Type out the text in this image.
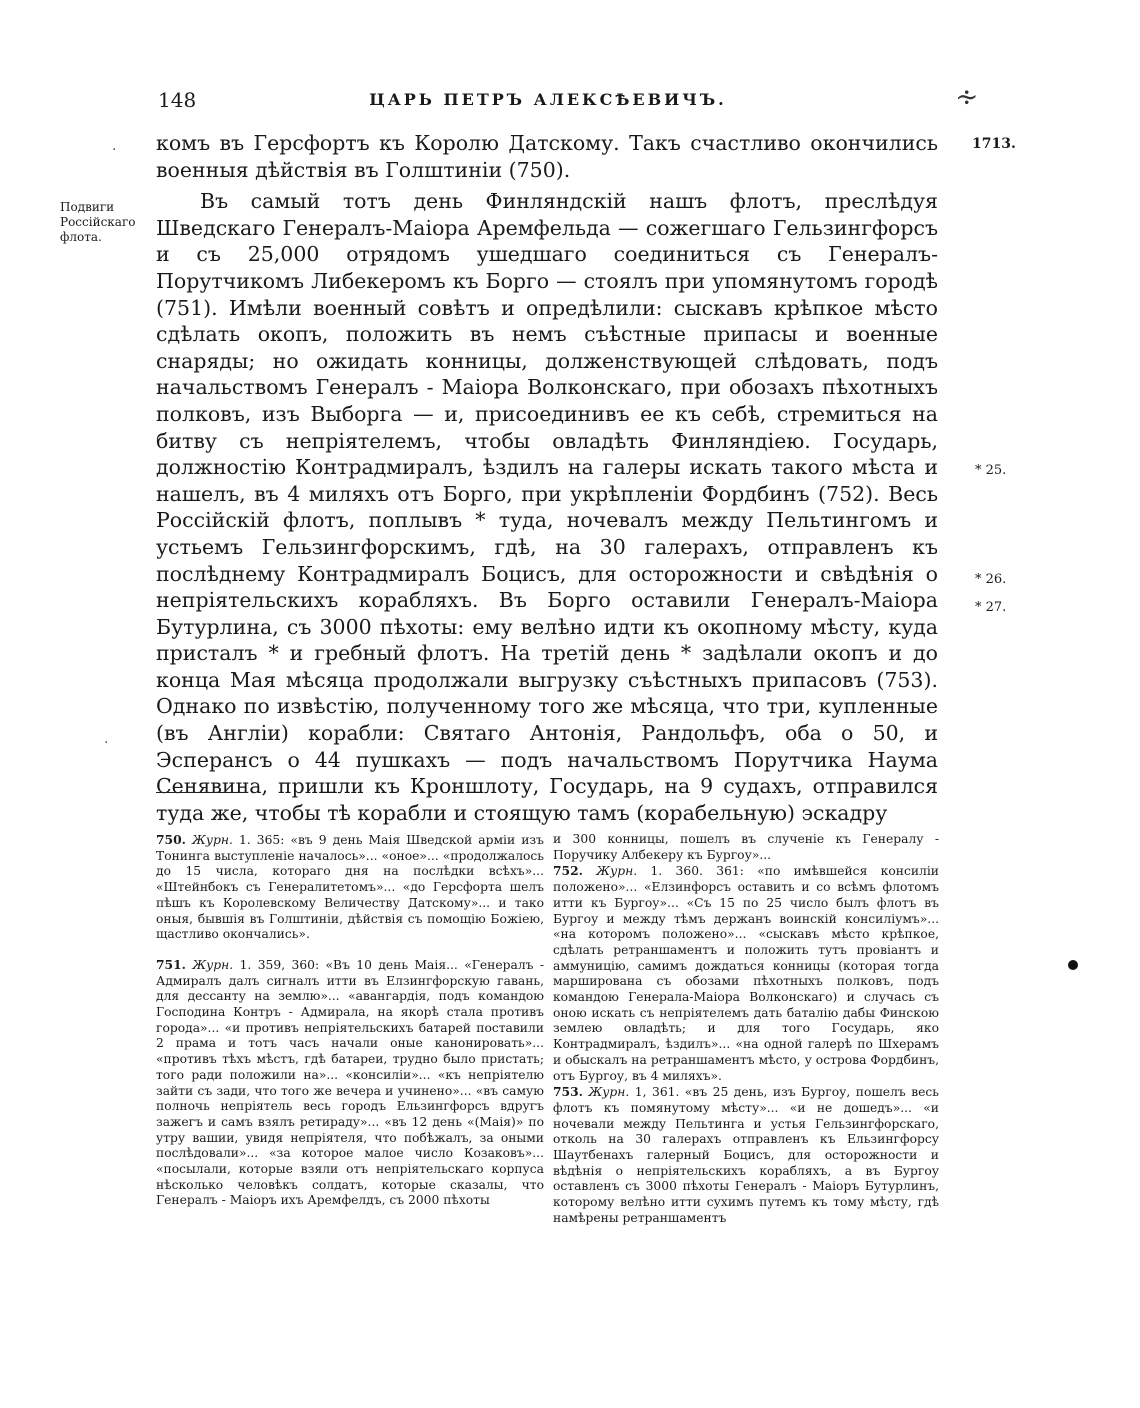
148	ЦАРЬ ПЕТРЪ АЛЕКСѢЕВИЧЪ.	∻
1713.
Подвиги Россійскаго флота.
* 25.
* 26.
* 27.

комъ въ Герсфортъ къ Королю Датскому. Такъ счастливо окончились военныя дѣйствія въ Голштиніи (750).

Въ самый тотъ день Финляндскій нашъ флотъ, преслѣдуя Шведскаго Генералъ-Маіора Аремфельда — сожегшаго Гельзингфорсъ и съ 25,000 отрядомъ ушедшаго соединиться съ Генералъ-Порутчикомъ Либекеромъ къ Борго — стоялъ при упомянутомъ городѣ (751). Имѣли военный совѣтъ и опредѣлили: сыскавъ крѣпкое мѣсто сдѣлать окопъ, положить въ немъ съѣстные припасы и военные снаряды; но ожидать конницы, долженствующей слѣдовать, подъ начальствомъ Генералъ - Маіора Волконскаго, при обозахъ пѣхотныхъ полковъ, изъ Выборга — и, присоединивъ ее къ себѣ, стремиться на битву съ непріятелемъ, чтобы овладѣть Финляндіею. Государь, должностію Контрадмиралъ, ѣздилъ на галеры искать такого мѣста и нашелъ, въ 4 миляхъ отъ Борго, при укрѣпленіи Фордбинъ (752). Весь Россійскій флотъ, поплывъ * туда, ночевалъ между Пельтингомъ и устьемъ Гельзингфорскимъ, гдѣ, на 30 галерахъ, отправленъ къ послѣднему Контрадмиралъ Боцисъ, для осторожности и свѣдѣнія о непріятельскихъ корабляхъ. Въ Борго оставили Генералъ-Маіора Бутурлина, съ 3000 пѣхоты: ему велѣно идти къ окопному мѣсту, куда присталъ * и гребный флотъ. На третій день * задѣлали окопъ и до конца Мая мѣсяца продолжали выгрузку съѣстныхъ припасовъ (753). Однако по извѣстію, полученному того же мѣсяца, что три, купленные (въ Англіи) корабли: Святаго Антонія, Рандольфъ, оба о 50, и Эсперансъ о 44 пушкахъ — подъ начальствомъ Порутчика Наума Сенявина, пришли къ Кроншлоту, Государь, на 9 судахъ, отправился туда же, чтобы тѣ корабли и стоящую тамъ (корабельную) эскадру

·
·

750. Журн. 1. 365: «въ 9 день Маія Шведской арміи изъ Тонинга выступленіе началось»... «оное»... «продолжалось до 15 числа, котораго дня на послѣдки всѣхъ»... «Штейнбокъ съ Генералитетомъ»... «до Герсфорта шелъ пѣшъ къ Королевскому Величеству Датскому»... и тако оныя, бывшія въ Голштиніи, дѣйствія съ помощію Божіею, щастливо окончались».

751. Журн. 1. 359, 360: «Въ 10 день Маія... «Генералъ - Адмиралъ далъ сигналъ итти въ Елзингфорскую гавань, для дессанту на землю»... «авангардія, подъ командою Господина Контръ - Адмирала, на якорѣ стала противъ города»... «и противъ непріятельскихъ батарей поставили 2 прама и тотъ часъ начали оные канонировать»... «противъ тѣхъ мѣстъ, гдѣ батареи, трудно было пристать; того ради положили на»... «консиліи»... «къ непріятелю зайти съ зади, что того же вечера и учинено»... «въ самую полночь непріятель весь городъ Ельзингфорсъ вдругъ зажегъ и самъ взялъ ретираду»... «въ 12 день «(Маія)» по утру вашии, увидя непріятеля, что побѣжалъ, за оными послѣдовали»... «за которое малое число Козаковъ»... «посылали, которые взяли отъ непріятельскаго корпуса нѣсколько человѣкъ солдатъ, которые сказалы, что Генералъ - Маіоръ ихъ Аремфелдъ, съ 2000 пѣхоты

и 300 конницы, пошелъ въ слученіе къ Генералу - Поручику Албекеру къ Бургоу»...

752. Журн. 1. 360. 361: «по имѣвшейся консиліи положено»... «Елзинфорсъ оставить и со всѣмъ флотомъ итти къ Бургоу»... «Съ 15 по 25 число былъ флотъ въ Бургоу и между тѣмъ держанъ воинскій консиліумъ»... «на которомъ положено»... «сыскавъ мѣсто крѣпкое, сдѣлать ретраншаментъ и положить тутъ провіантъ и аммуницію, самимъ дождаться конницы (которая тогда марширована съ обозами пѣхотныхъ полковъ, подъ командою Генерала-Маіора Волконскаго) и случась съ оною искать съ непріятелемъ дать баталію дабы Финскою землею овладѣть; и для того Государь, яко Контрадмиралъ, ѣздилъ»... «на одной галерѣ по Шхерамъ и обыскалъ на ретраншаментъ мѣсто, у острова Фордбинъ, отъ Бургоу, въ 4 миляхъ».

753. Журн. 1, 361. «въ 25 день, изъ Бургоу, пошелъ весь флотъ къ помянутому мѣсту»... «и не дошедъ»... «и ночевали между Пельтинга и устья Гельзингфорскаго, отколь на 30 галерахъ отправленъ къ Ельзингфорсу Шаутбенахъ галерный Боцисъ, для осторожности и вѣдѣнія о непріятельскихъ корабляхъ, а въ Бургоу оставленъ съ 3000 пѣхоты Генералъ - Маіоръ Бутурлинъ, которому велѣно итти сухимъ путемъ къ тому мѣсту, гдѣ намѣрены ретраншаментъ
